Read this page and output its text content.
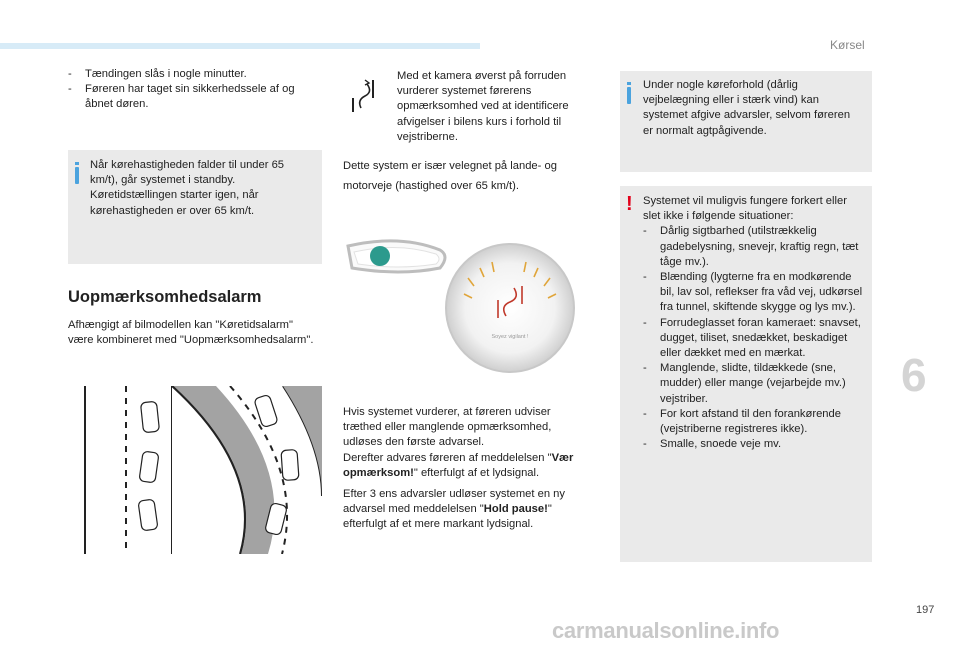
Kørsel
6
197
- Tændingen slås i nogle minutter.
- Føreren har taget sin sikkerhedssele af og åbnet døren.

Når kørehastigheden falder til under 65 km/t), går systemet i standby. Køretidstællingen starter igen, når kørehastigheden er over 65 km/t.

Uopmærksomhedsalarm

Afhængigt af bilmodellen kan "Køretidsalarm" være kombineret med "Uopmærksomhedsalarm".

Med et kamera øverst på forruden vurderer systemet førerens opmærksomhed ved at identificere afvigelser i bilens kurs i forhold til vejstriberne.

Dette system er især velegnet på lande- og motorveje (hastighed over 65 km/t).

Soyez vigilant !

Hvis systemet vurderer, at føreren udviser træthed eller manglende opmærksomhed, udløses den første advarsel.

Derefter advares føreren af meddelelsen "Vær opmærksom!" efterfulgt af et lydsignal.

Efter 3 ens advarsler udløser systemet en ny advarsel med meddelelsen "Hold pause!" efterfulgt af et mere markant lydsignal.

Under nogle køreforhold (dårlig vejbelægning eller i stærk vind) kan systemet afgive advarsler, selvom føreren er normalt agtpågivende.

! Systemet vil muligvis fungere forkert eller slet ikke i følgende situationer:

- Dårlig sigtbarhed (utilstrækkelig gadebelysning, snevejr, kraftig regn, tæt tåge mv.).
- Blænding (lygterne fra en modkørende bil, lav sol, reflekser fra våd vej, udkørsel fra tunnel, skiftende skygge og lys mv.).
- Forrudeglasset foran kameraet: snavset, dugget, tiliset, snedækket, beskadiget eller dækket med en mærkat.
- Manglende, slidte, tildækkede (sne, mudder) eller mange (vejarbejde mv.) vejstriber.
- For kort afstand til den forankørende (vejstriberne registreres ikke).
- Smalle, snoede veje mv.
carmanualsonline.info
